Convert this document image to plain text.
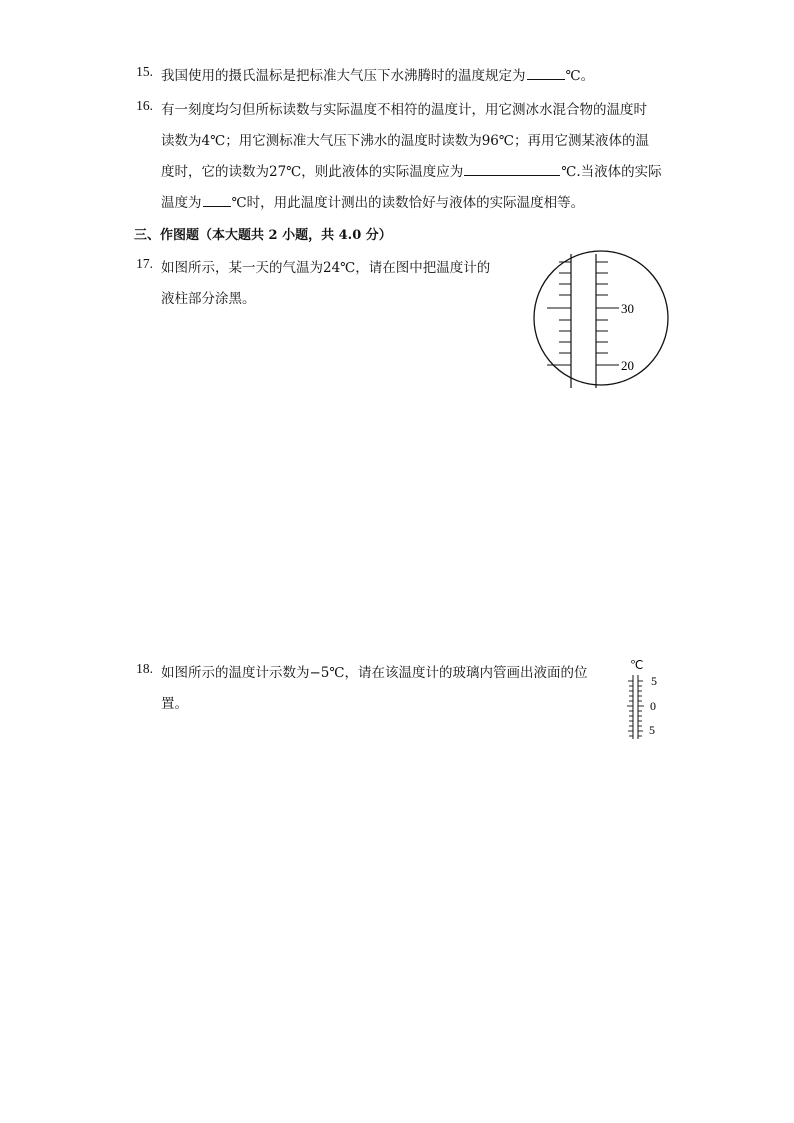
15. 我国使用的摄氏温标是把标准大气压下水沸腾时的温度规定为	℃。
16. 有一刻度均匀但所标读数与实际温度不相符的温度计，用它测冰水混合物的温度时
读数为4℃；用它测标准大气压下沸水的温度时读数为96℃；再用它测某液体的温
度时，它的读数为27℃，则此液体的实际温度应为	℃.当液体的实际
温度为 ℃时，用此温度计测出的读数恰好与液体的实际温度相等。
三、作图题（本大题共 2 小题，共 4.0 分）
17. 如图所示，某一天的气温为24℃，请在图中把温度计的
液柱部分涂黑。
30
20
18. 如图所示的温度计示数为−5℃，请在该温度计的玻璃内管画出液面的位
置。
℃
5
0
5
